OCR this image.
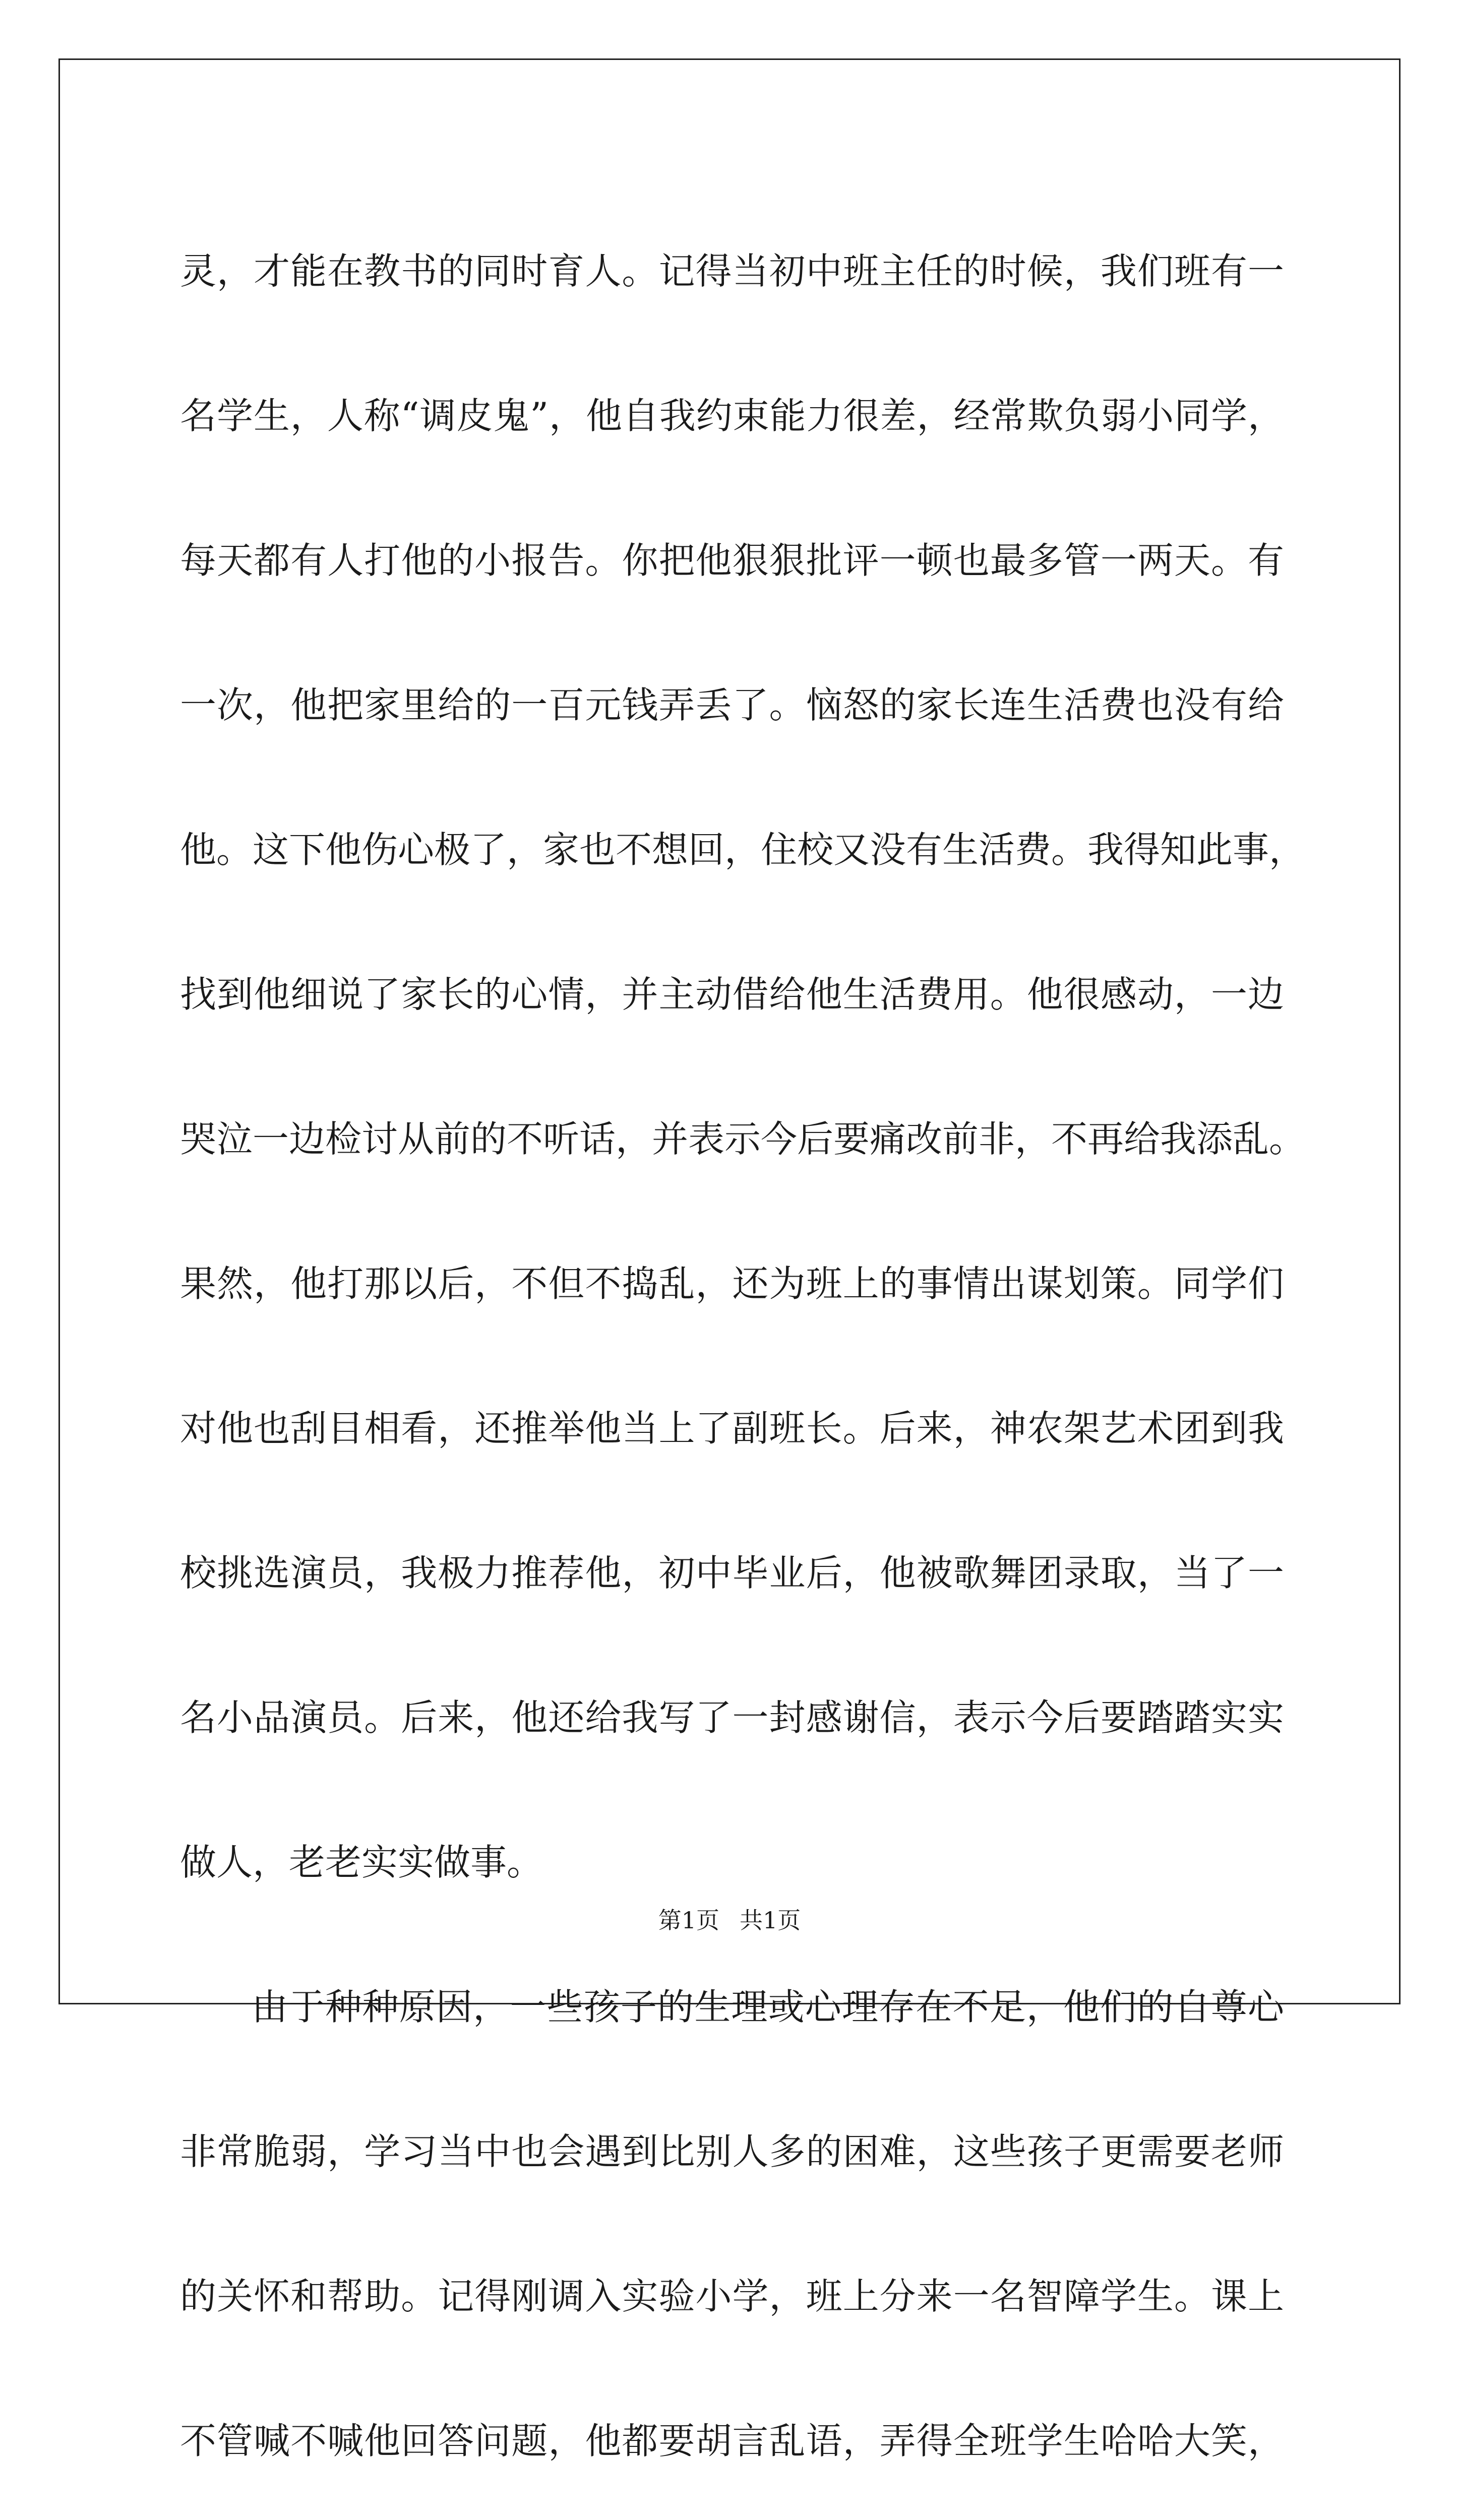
灵，才能在教书的同时育人。记得当初中班主任的时候，我们班有一
名学生，人称“调皮鬼”，他自我约束能力很差，经常欺负弱小同学，
每天都有人打他的小报告。你把他狠狠批评一顿也最多管一两天。有
一次，他把家里给的一百元钱弄丢了。恼怒的家长连生活费也没有给
他。这下他伤心极了，家也不想回，住校又没有生活费。我得知此事，
找到他细说了家长的心情，并主动借给他生活费用。他很感动，一边
哭泣一边检讨从前的不听话，并表示今后要痛改前非，不再给我添乱。
果然，他打那以后，不但不捣乱，还为班上的事情出谋划策。同学们
对他也刮目相看，还推举他当上了副班长。后来，神农架艺术团到我
校挑选演员，我极力推荐他，初中毕业后，他被歌舞团录取，当了一
名小品演员。后来，他还给我写了一封感谢信，表示今后要踏踏实实
做人，老老实实做事。
由于种种原因，一些孩子的生理或心理存在不足，他们的自尊心
非常脆弱，学习当中也会遇到比别人多的困难，这些孩子更需要老师
的关怀和帮助。记得刚调入实验小学，班上分来一名智障学生。课上
不管喊不喊他回答问题，他都要胡言乱语，弄得全班学生哈哈大笑，
第1页 共1页
